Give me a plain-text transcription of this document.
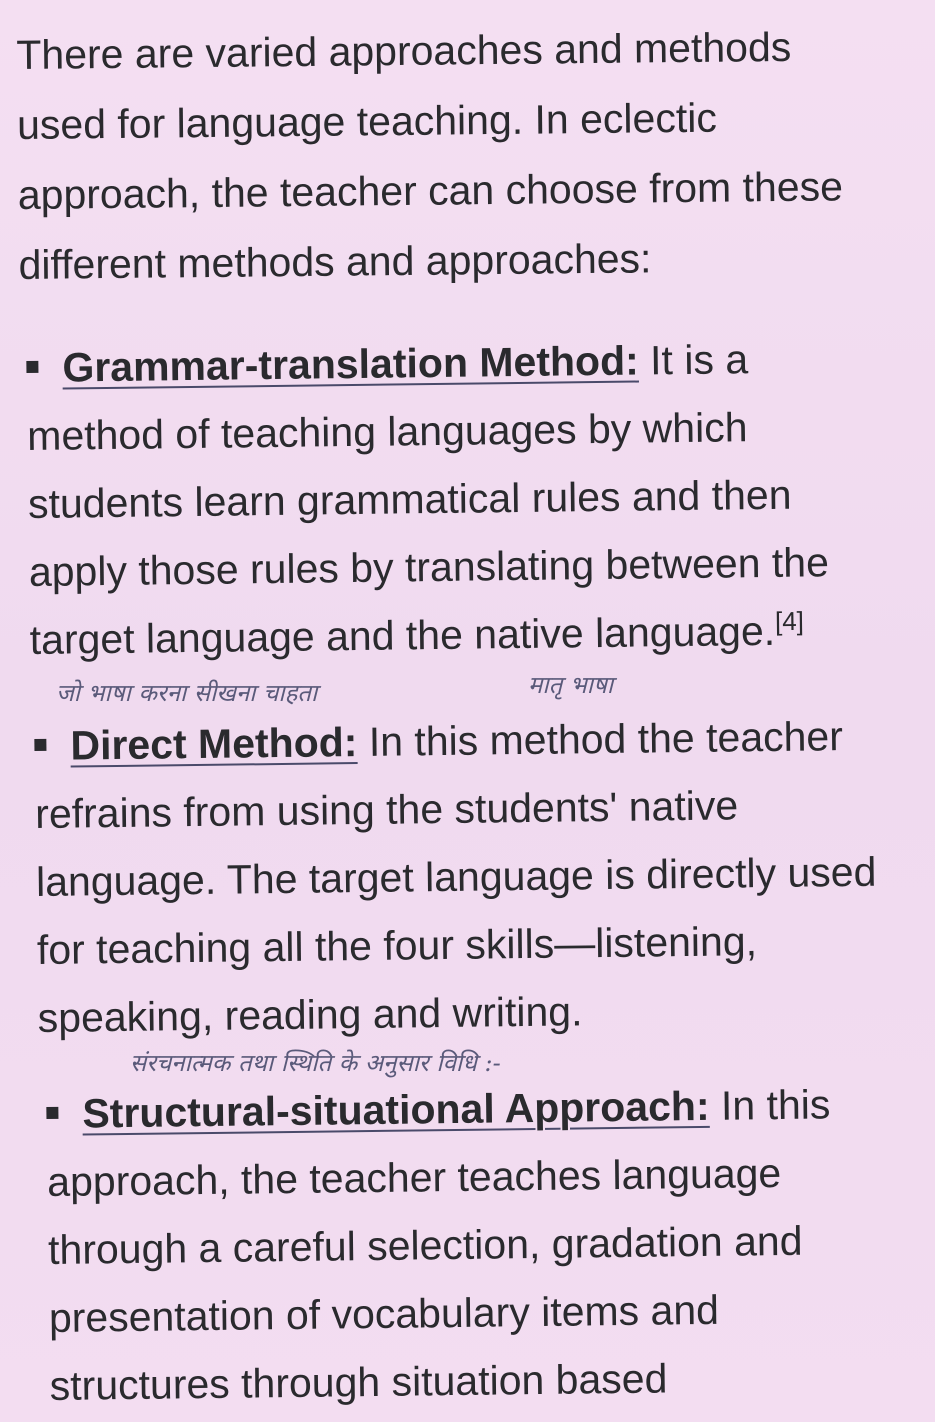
There are varied approaches and methods
used for language teaching. In eclectic
approach, the teacher can choose from these
different methods and approaches:
Grammar-translation Method: It is a
method of teaching languages by which
students learn grammatical rules and then
apply those rules by translating between the
target language and the native language.[4]
जो भाषा करना सीखना चाहता	मातृ भाषा
Direct Method: In this method the teacher
refrains from using the students' native
language. The target language is directly used
for teaching all the four skills—listening,
speaking, reading and writing.
संरचनात्मक तथा स्थिति के अनुसार विधि :-
Structural-situational Approach: In this
approach, the teacher teaches language
through a careful selection, gradation and
presentation of vocabulary items and
structures through situation based
